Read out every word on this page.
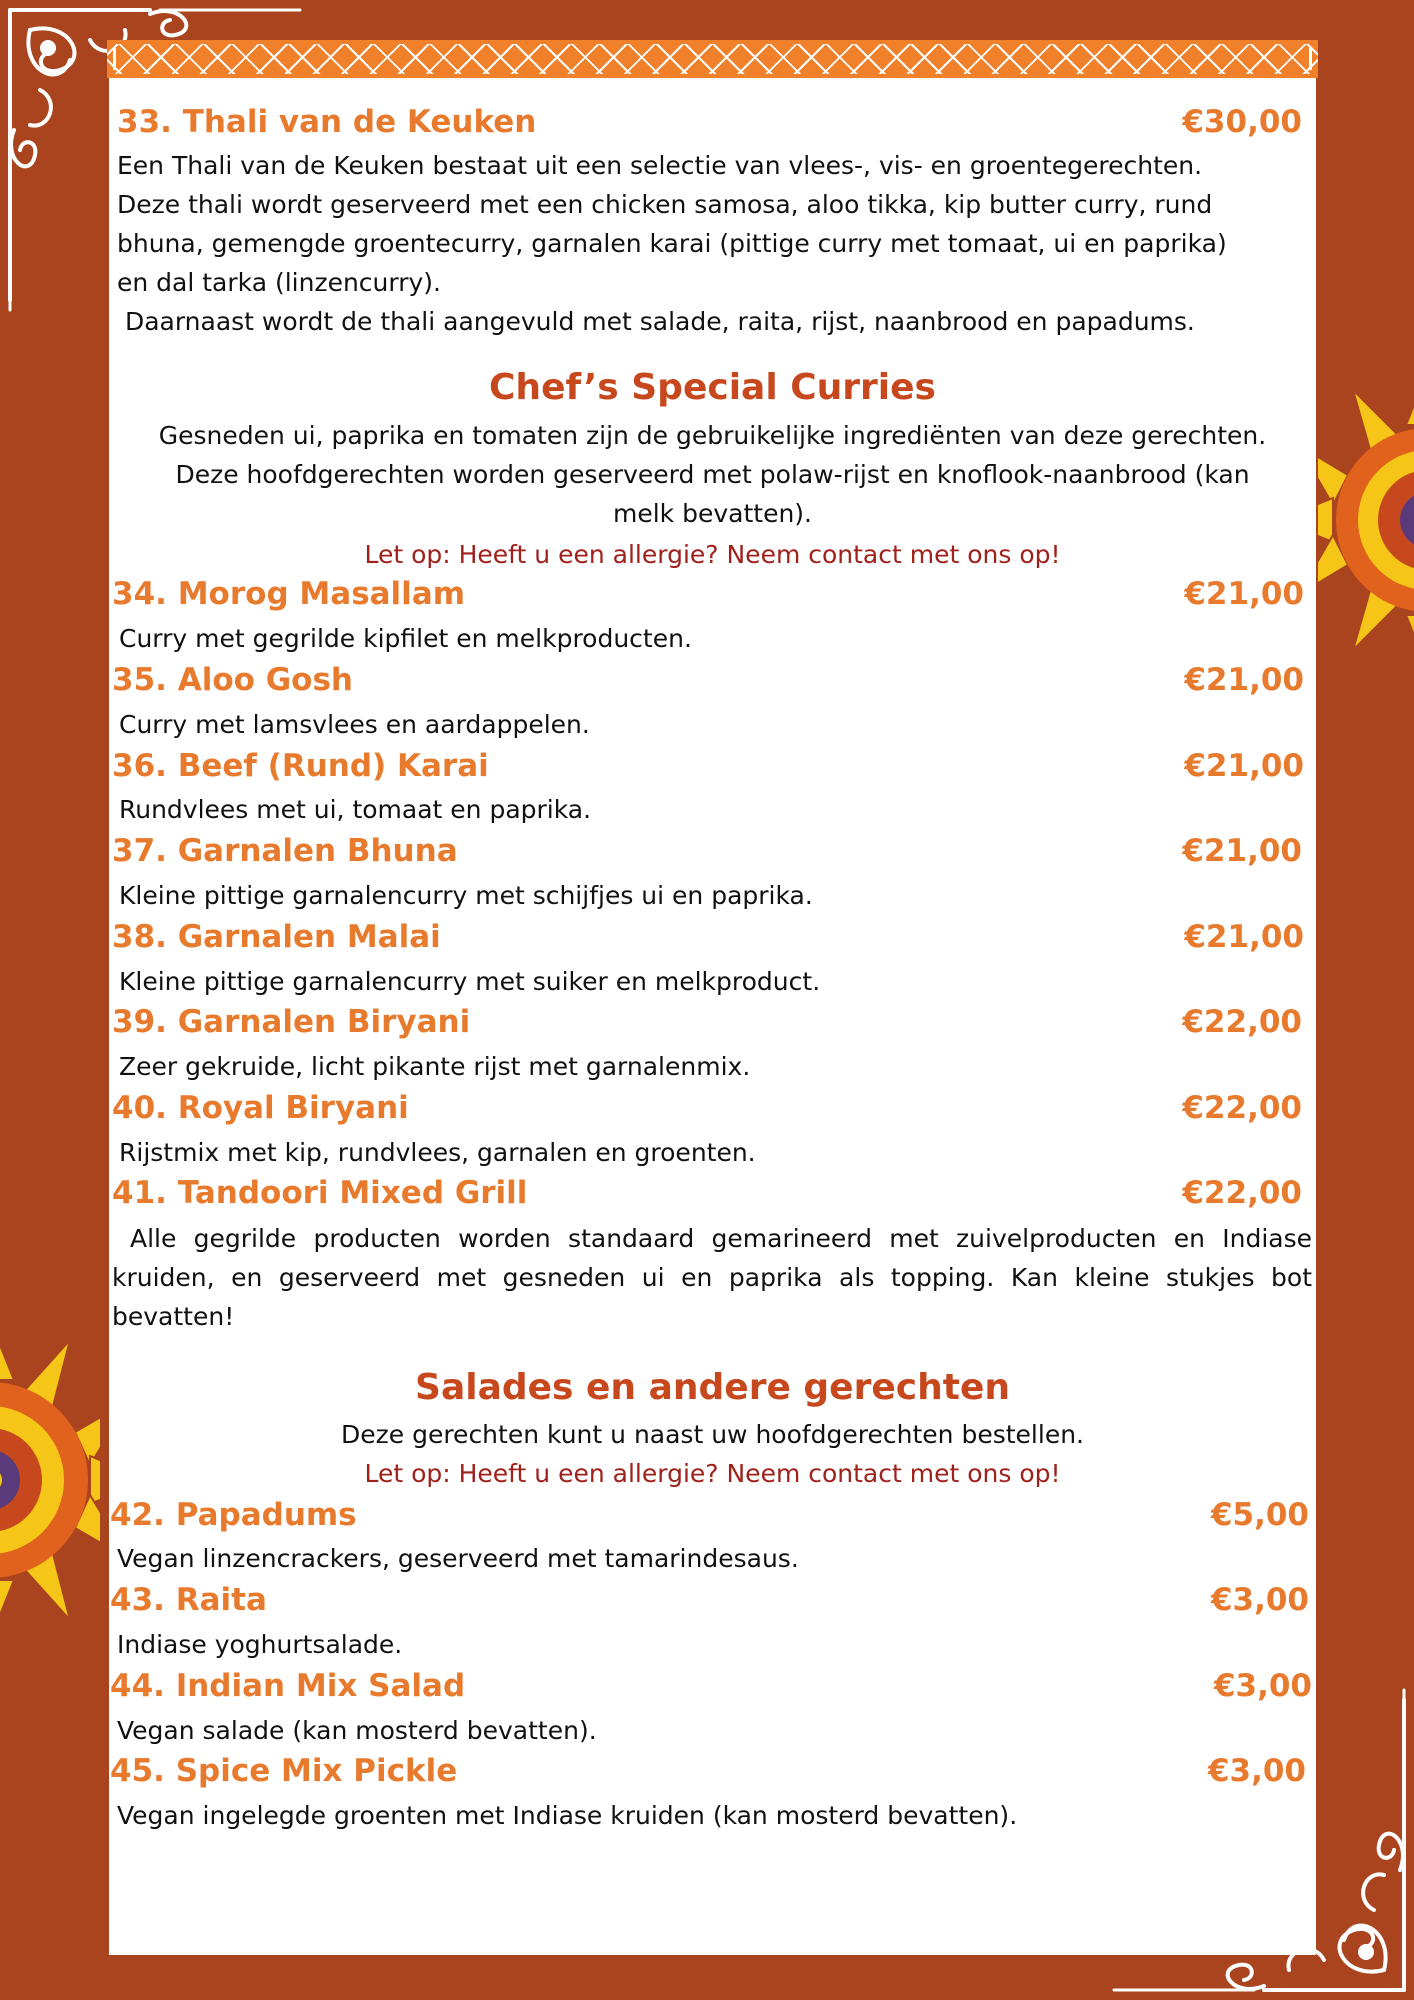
33. Thali van de Keuken	€30,00
Een Thali van de Keuken bestaat uit een selectie van vlees-, vis- en groentegerechten.
Deze thali wordt geserveerd met een chicken samosa, aloo tikka, kip butter curry, rund
bhuna, gemengde groentecurry, garnalen karai (pittige curry met tomaat, ui en paprika)
en dal tarka (linzencurry).
Daarnaast wordt de thali aangevuld met salade, raita, rijst, naanbrood en papadums.
Chef’s Special Curries
Gesneden ui, paprika en tomaten zijn de gebruikelijke ingrediënten van deze gerechten.
Deze hoofdgerechten worden geserveerd met polaw-rijst en knoflook-naanbrood (kan
melk bevatten).
Let op: Heeft u een allergie? Neem contact met ons op!
34. Morog Masallam	€21,00
Curry met gegrilde kipfilet en melkproducten.
35. Aloo Gosh	€21,00
Curry met lamsvlees en aardappelen.
36. Beef (Rund) Karai	€21,00
Rundvlees met ui, tomaat en paprika.
37. Garnalen Bhuna	€21,00
Kleine pittige garnalencurry met schijfjes ui en paprika.
38. Garnalen Malai	€21,00
Kleine pittige garnalencurry met suiker en melkproduct.
39. Garnalen Biryani	€22,00
Zeer gekruide, licht pikante rijst met garnalenmix.
40. Royal Biryani	€22,00
Rijstmix met kip, rundvlees, garnalen en groenten.
41. Tandoori Mixed Grill	€22,00
Alle gegrilde producten worden standaard gemarineerd met zuivelproducten en Indiase kruiden, en geserveerd met gesneden ui en paprika als topping. Kan kleine stukjes bot bevatten!
Salades en andere gerechten
Deze gerechten kunt u naast uw hoofdgerechten bestellen.
Let op: Heeft u een allergie? Neem contact met ons op!
42. Papadums	€5,00
Vegan linzencrackers, geserveerd met tamarindesaus.
43. Raita	€3,00
Indiase yoghurtsalade.
44. Indian Mix Salad	€3,00
Vegan salade (kan mosterd bevatten).
45. Spice Mix Pickle	€3,00
Vegan ingelegde groenten met Indiase kruiden (kan mosterd bevatten).
